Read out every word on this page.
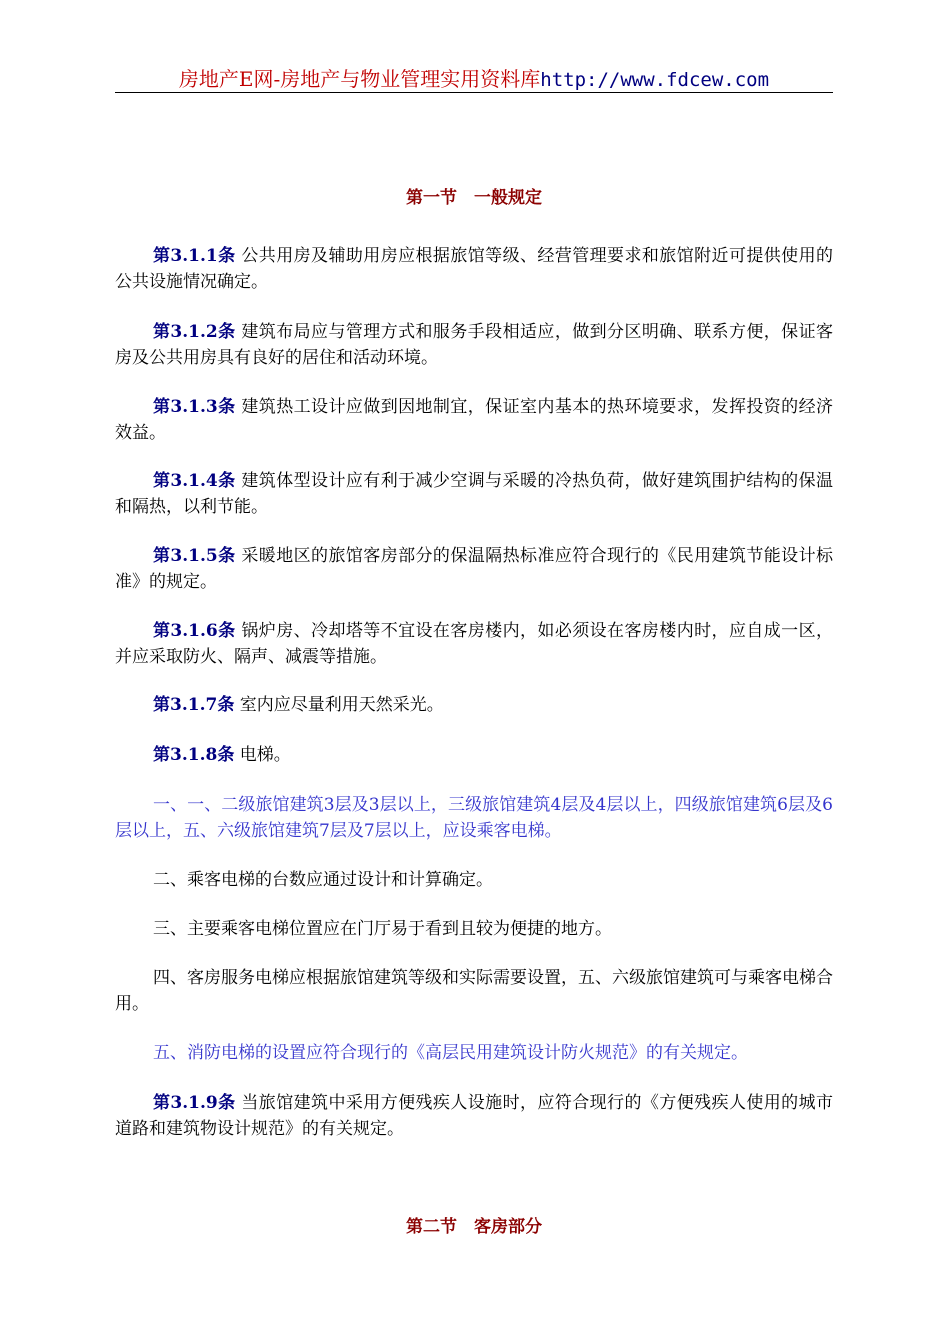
房地产E网-房地产与物业管理实用资料库http://www.fdcew.com
第一节　一般规定
第3.1.1条 公共用房及辅助用房应根据旅馆等级、经营管理要求和旅馆附近可提供使用的公共设施情况确定。
第3.1.2条 建筑布局应与管理方式和服务手段相适应，做到分区明确、联系方便，保证客房及公共用房具有良好的居住和活动环境。
第3.1.3条 建筑热工设计应做到因地制宜，保证室内基本的热环境要求，发挥投资的经济效益。
第3.1.4条 建筑体型设计应有利于减少空调与采暖的冷热负荷，做好建筑围护结构的保温和隔热，以利节能。
第3.1.5条 采暖地区的旅馆客房部分的保温隔热标准应符合现行的《民用建筑节能设计标准》的规定。
第3.1.6条 锅炉房、冷却塔等不宜设在客房楼内，如必须设在客房楼内时，应自成一区，并应采取防火、隔声、减震等措施。
第3.1.7条 室内应尽量利用天然采光。
第3.1.8条 电梯。
一、一、二级旅馆建筑3层及3层以上，三级旅馆建筑4层及4层以上，四级旅馆建筑6层及6层以上，五、六级旅馆建筑7层及7层以上，应设乘客电梯。
二、乘客电梯的台数应通过设计和计算确定。
三、主要乘客电梯位置应在门厅易于看到且较为便捷的地方。
四、客房服务电梯应根据旅馆建筑等级和实际需要设置，五、六级旅馆建筑可与乘客电梯合用。
五、消防电梯的设置应符合现行的《高层民用建筑设计防火规范》的有关规定。
第3.1.9条 当旅馆建筑中采用方便残疾人设施时，应符合现行的《方便残疾人使用的城市道路和建筑物设计规范》的有关规定。
第二节　客房部分
